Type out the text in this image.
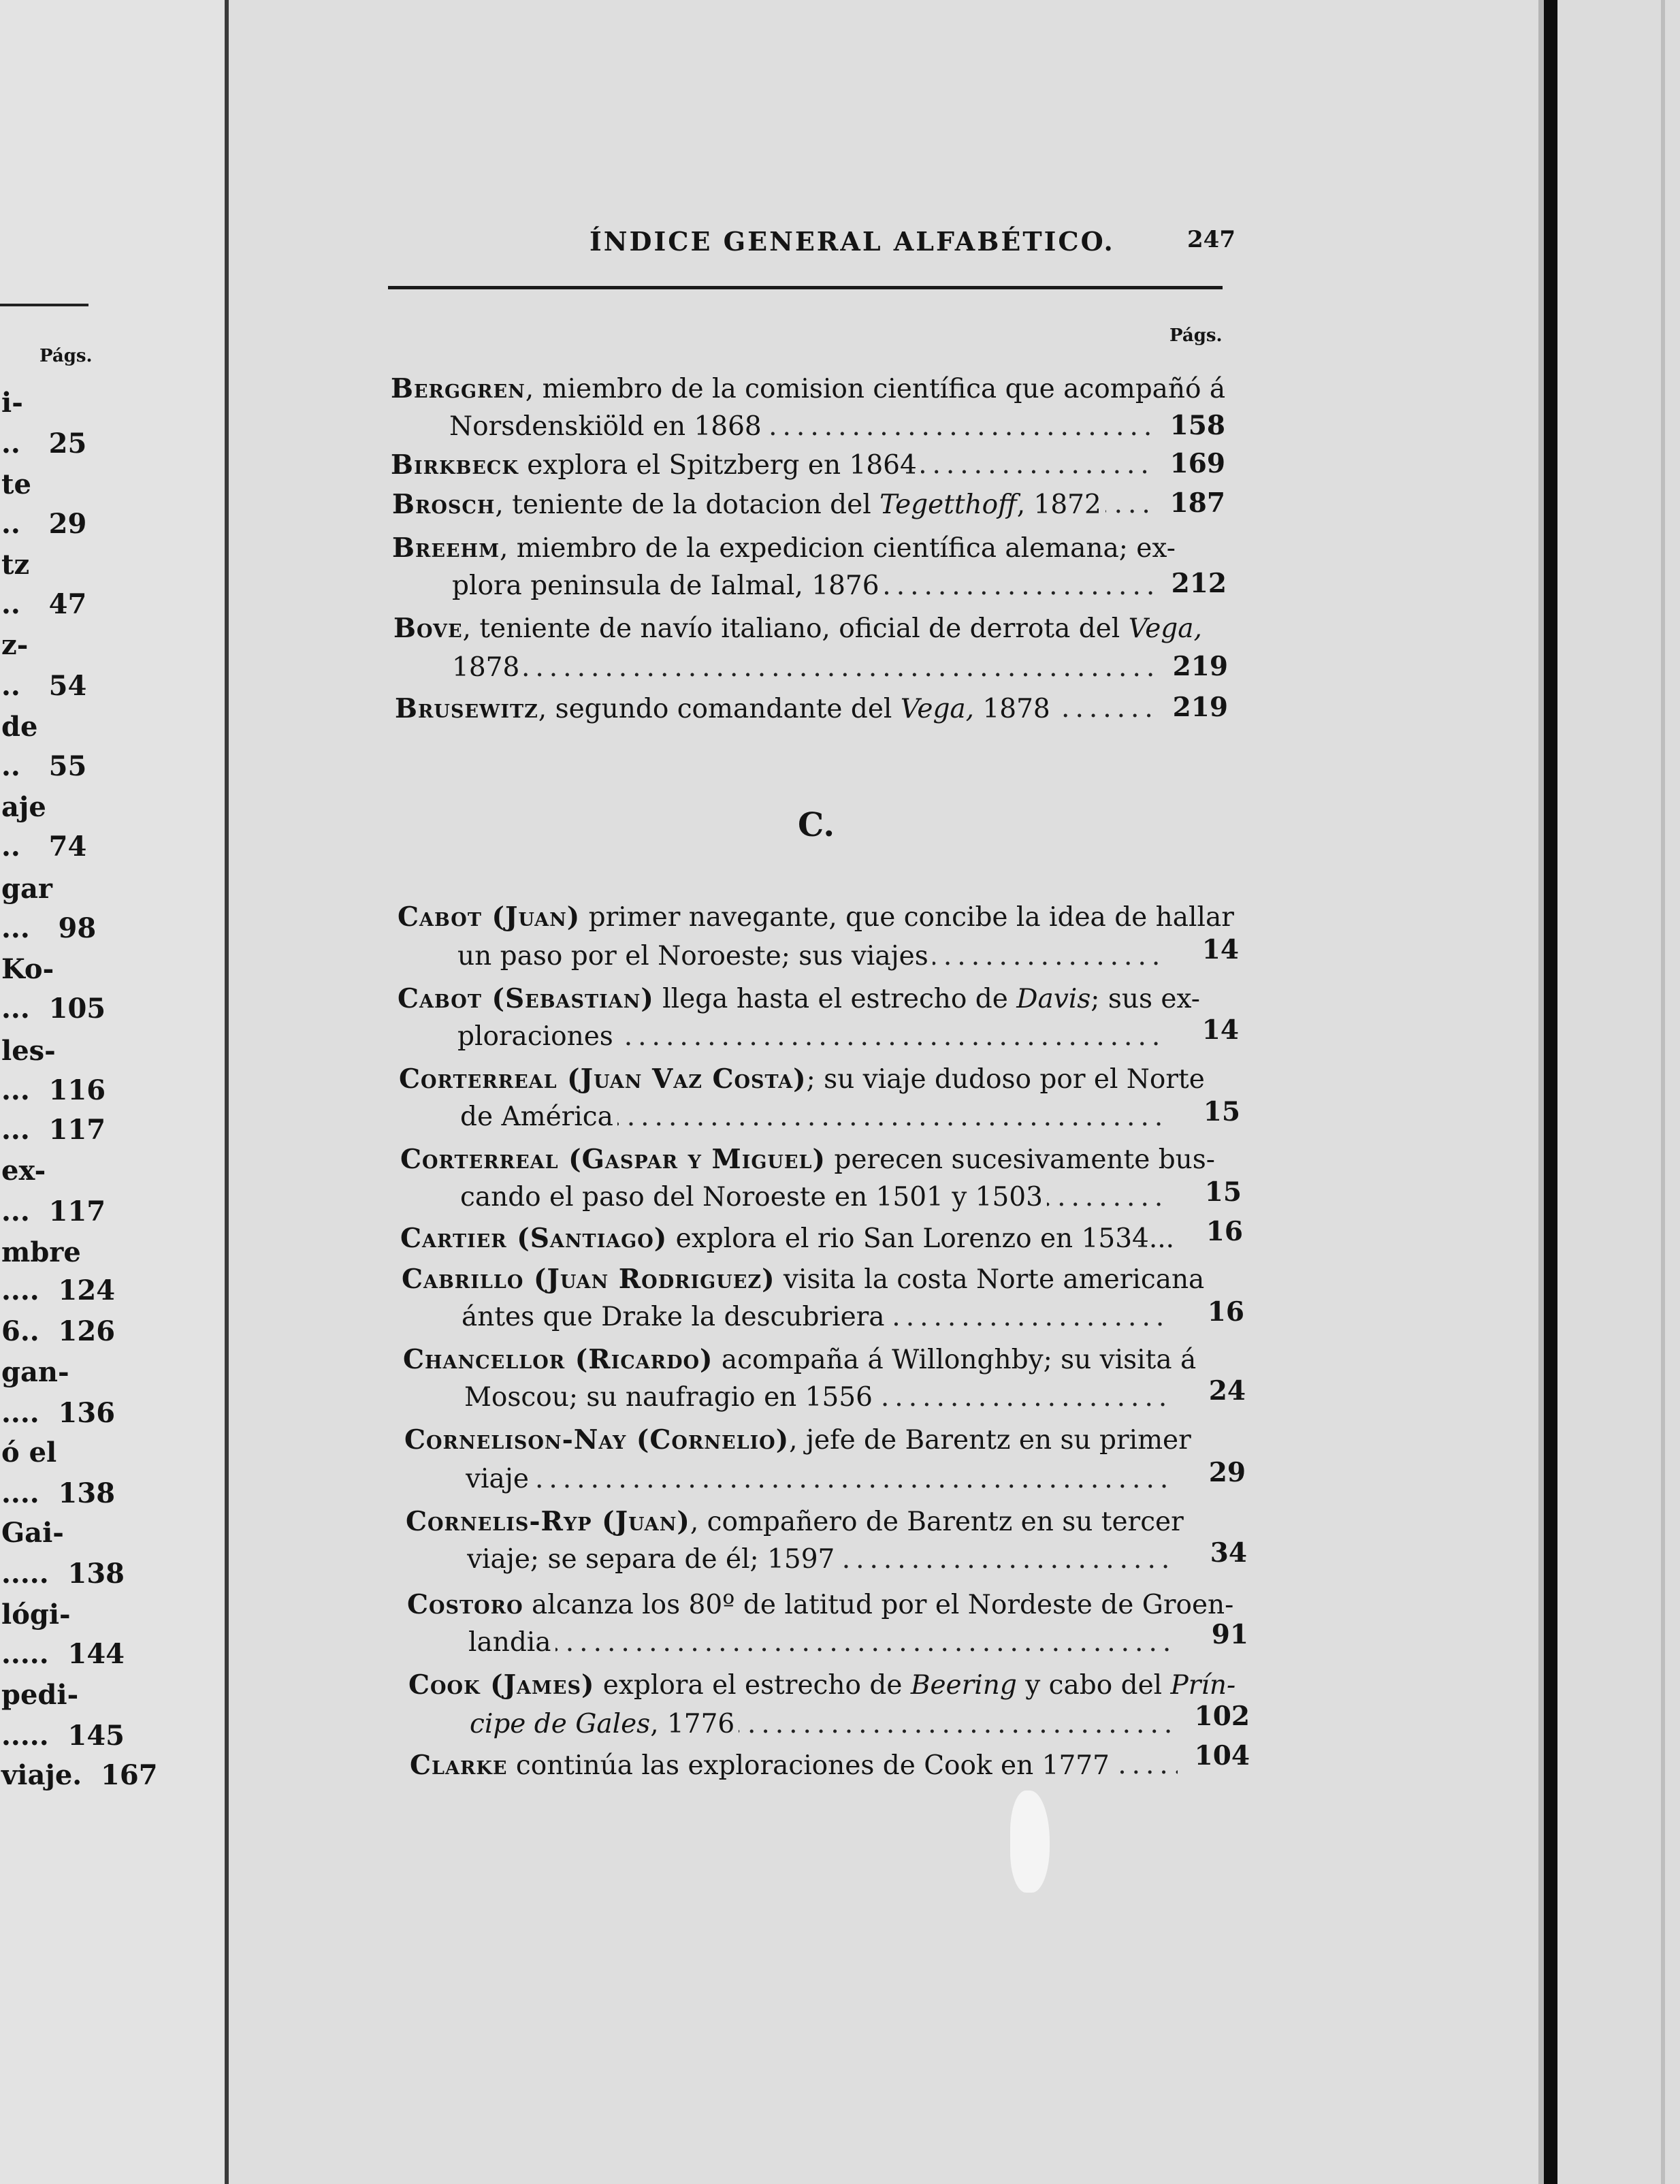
Págs.
i-
..   25
te
..   29
tz
..   47
z-
..   54
de
..   55
aje
..   74
gar
...   98
Ko-
...  105
les-
...  116
...  117
ex-
...  117
mbre
....  124
6..  126
gan-
....  136
ó el
....  138
Gai-
.....  138
lógi-
.....  144
pedi-
.....  145
viaje.  167
ÍNDICE GENERAL ALFABÉTICO.	247
Págs.
Berggren, miembro de la comision científica que acompañó á
Norsdenskiöld en 1868 .....	158
Birkbeck explora el Spitzberg en 1864 .....	169
Brosch, teniente de la dotacion del Tegetthoff, 1872 .....	187
Breehm, miembro de la expedicion científica alemana; ex-
plora peninsula de Ialmal, 1876 .....	212
Bove, teniente de navío italiano, oficial de derrota del Vega,
1878 .....	219
Brusewitz, segundo comandante del Vega, 1878 .....	219
C.
Cabot (Juan) primer navegante, que concibe la idea de hallar
un paso por el Noroeste; sus viajes .....	14
Cabot (Sebastian) llega hasta el estrecho de Davis; sus ex-
ploraciones .....	14
Corterreal (Juan Vaz Costa); su viaje dudoso por el Norte
de América .....	15
Corterreal (Gaspar y Miguel) perecen sucesivamente bus-
cando el paso del Noroeste en 1501 y 1503 .....	15
Cartier (Santiago) explora el rio San Lorenzo en 1534...	16
Cabrillo (Juan Rodriguez) visita la costa Norte americana
ántes que Drake la descubriera .....	16
Chancellor (Ricardo) acompaña á Willonghby; su visita á
Moscou; su naufragio en 1556 .....	24
Cornelison-Nay (Cornelio), jefe de Barentz en su primer
viaje .....	29
Cornelis-Ryp (Juan), compañero de Barentz en su tercer
viaje; se separa de él; 1597 .....	34
Costoro alcanza los 80º de latitud por el Nordeste de Groen-
landia .....	91
Cook (James) explora el estrecho de Beering y cabo del Prín-
cipe de Gales, 1776 .....	102
Clarke continúa las exploraciones de Cook en 1777 .....	104
